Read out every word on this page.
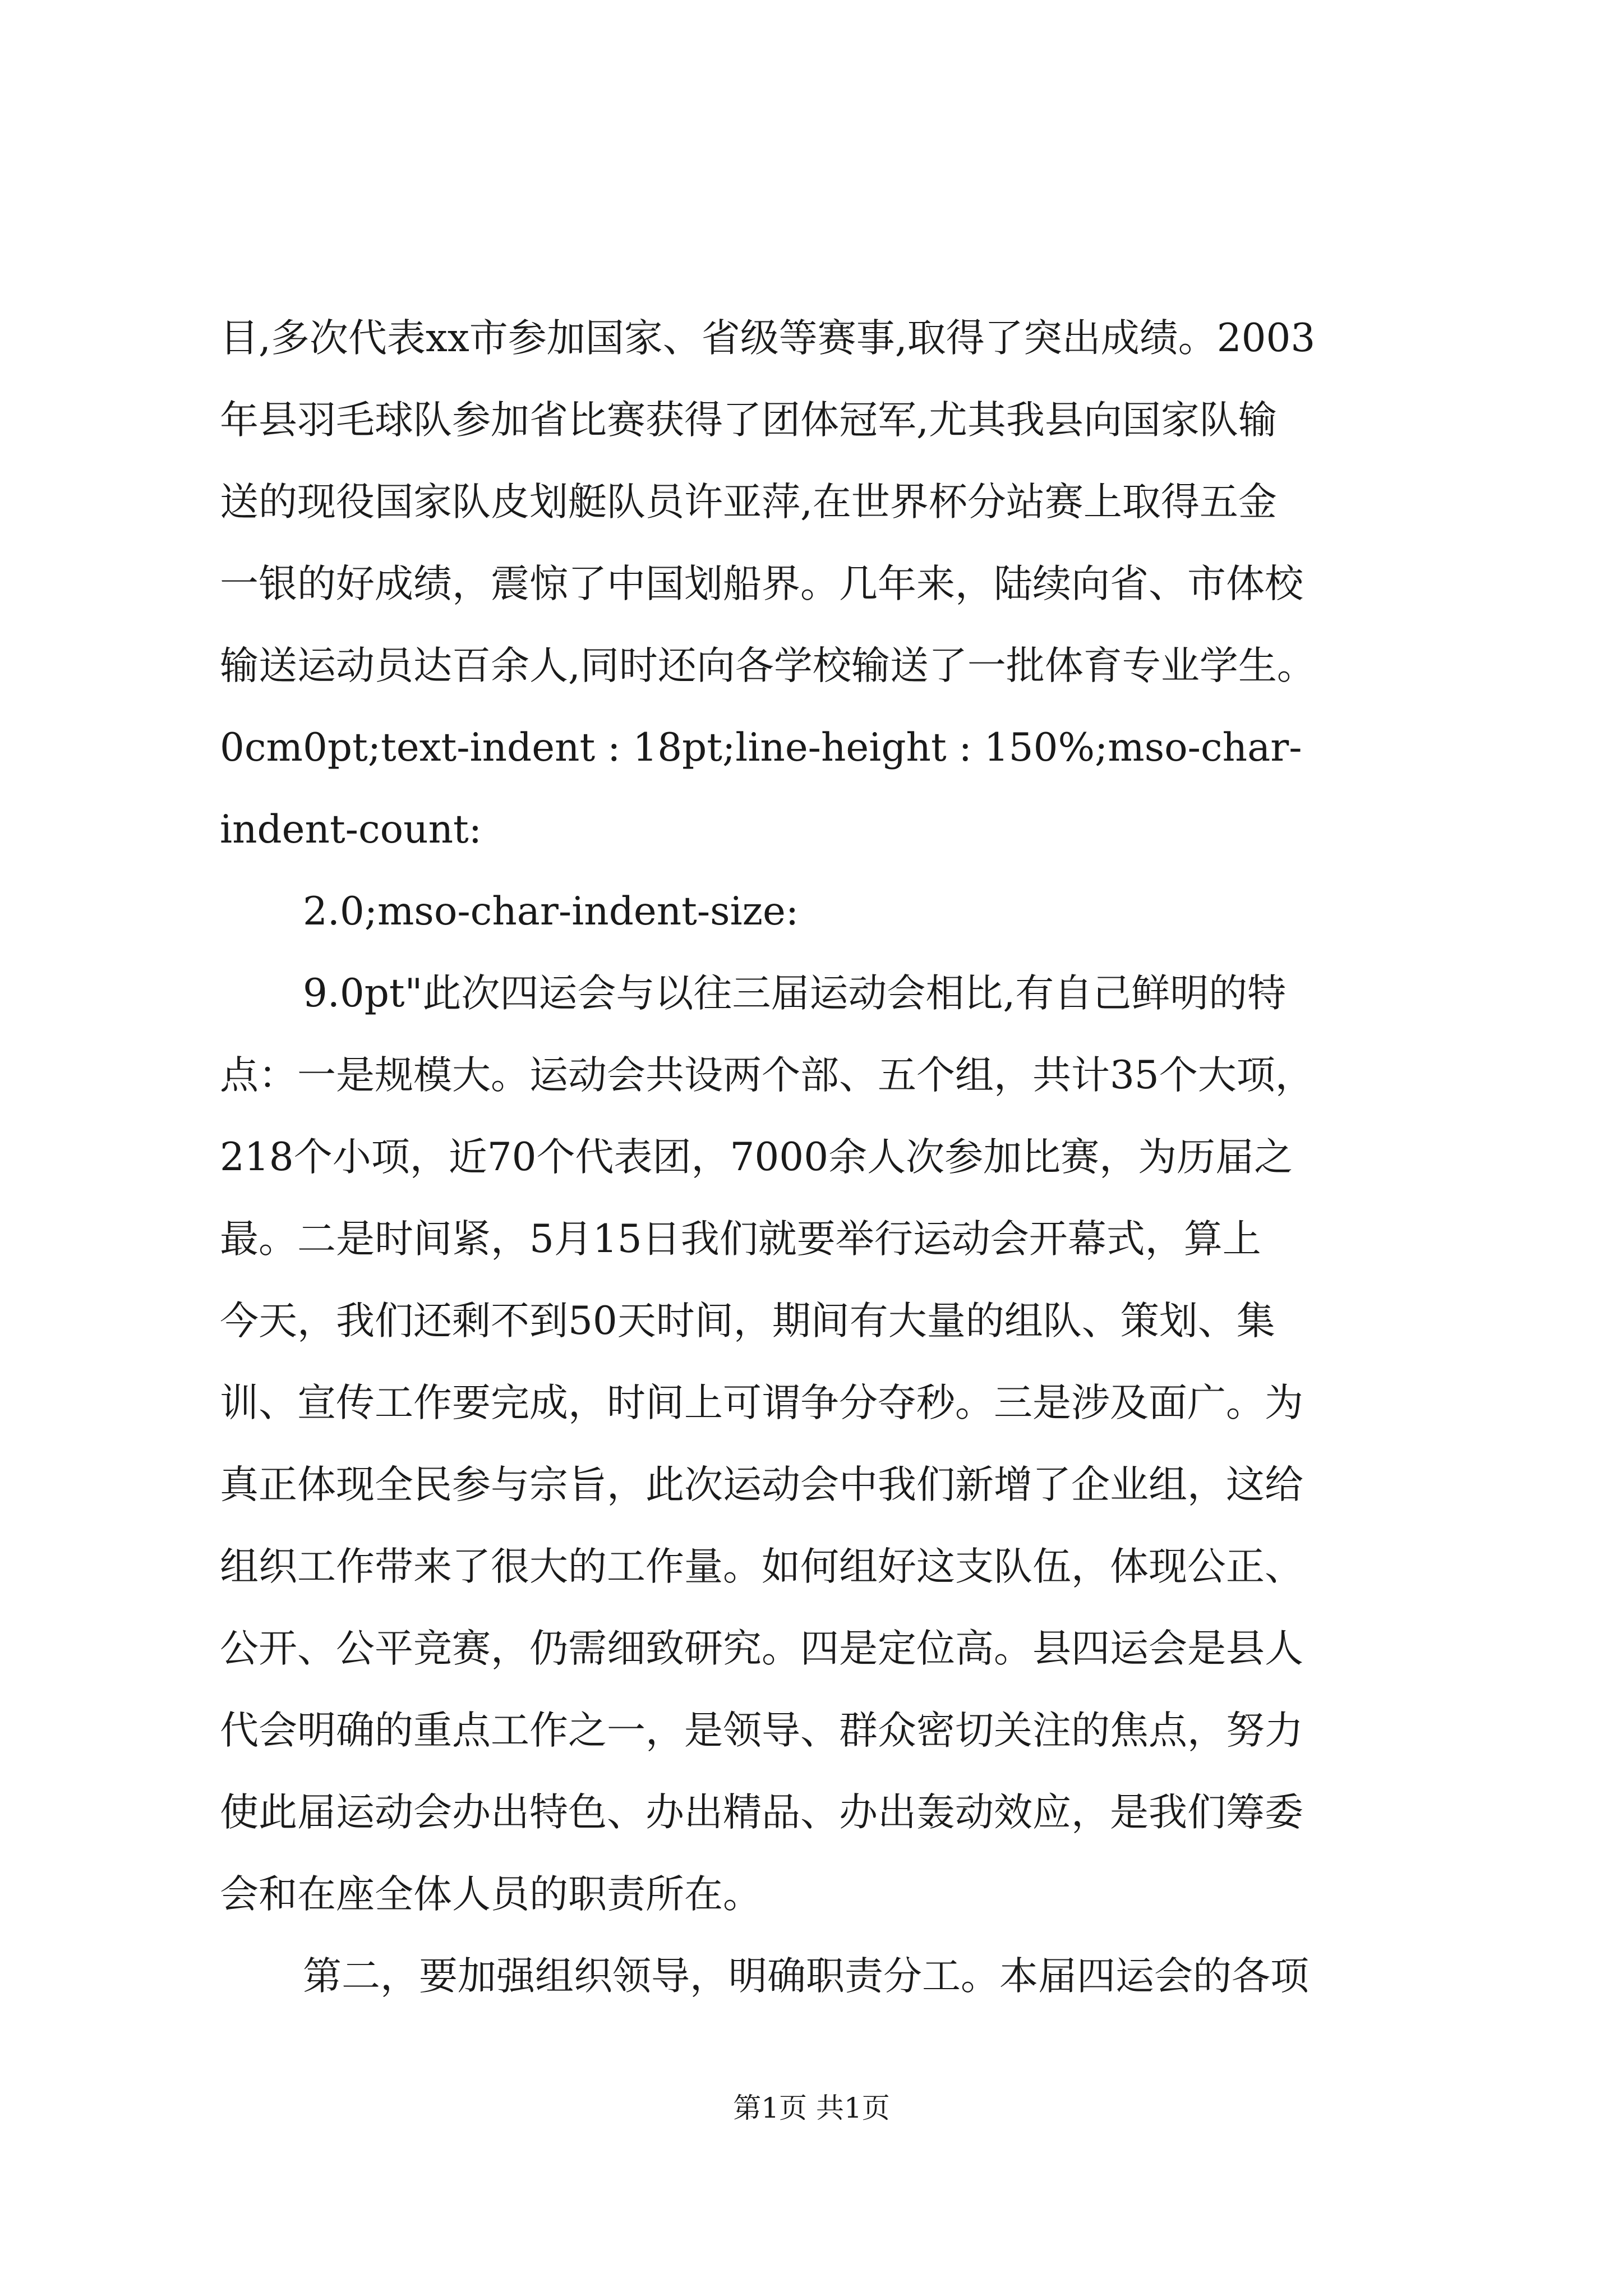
目,多次代表xx市参加国家、省级等赛事,取得了突出成绩。2003
年县羽毛球队参加省比赛获得了团体冠军,尤其我县向国家队输
送的现役国家队皮划艇队员许亚萍,在世界杯分站赛上取得五金
一银的好成绩，震惊了中国划船界。几年来，陆续向省、市体校
输送运动员达百余人,同时还向各学校输送了一批体育专业学生。
0cm0pt;text-indent : 18pt;line-height : 150%;mso-char-
indent-count:
2.0;mso-char-indent-size:
9.0pt"此次四运会与以往三届运动会相比,有自己鲜明的特
点：一是规模大。运动会共设两个部、五个组，共计35个大项，
218个小项，近70个代表团，7000余人次参加比赛，为历届之
最。二是时间紧，5月15日我们就要举行运动会开幕式，算上
今天，我们还剩不到50天时间，期间有大量的组队、策划、集
训、宣传工作要完成，时间上可谓争分夺秒。三是涉及面广。为
真正体现全民参与宗旨，此次运动会中我们新增了企业组，这给
组织工作带来了很大的工作量。如何组好这支队伍，体现公正、
公开、公平竞赛，仍需细致研究。四是定位高。县四运会是县人
代会明确的重点工作之一，是领导、群众密切关注的焦点，努力
使此届运动会办出特色、办出精品、办出轰动效应，是我们筹委
会和在座全体人员的职责所在。
第二，要加强组织领导，明确职责分工。本届四运会的各项
第1页 共1页
